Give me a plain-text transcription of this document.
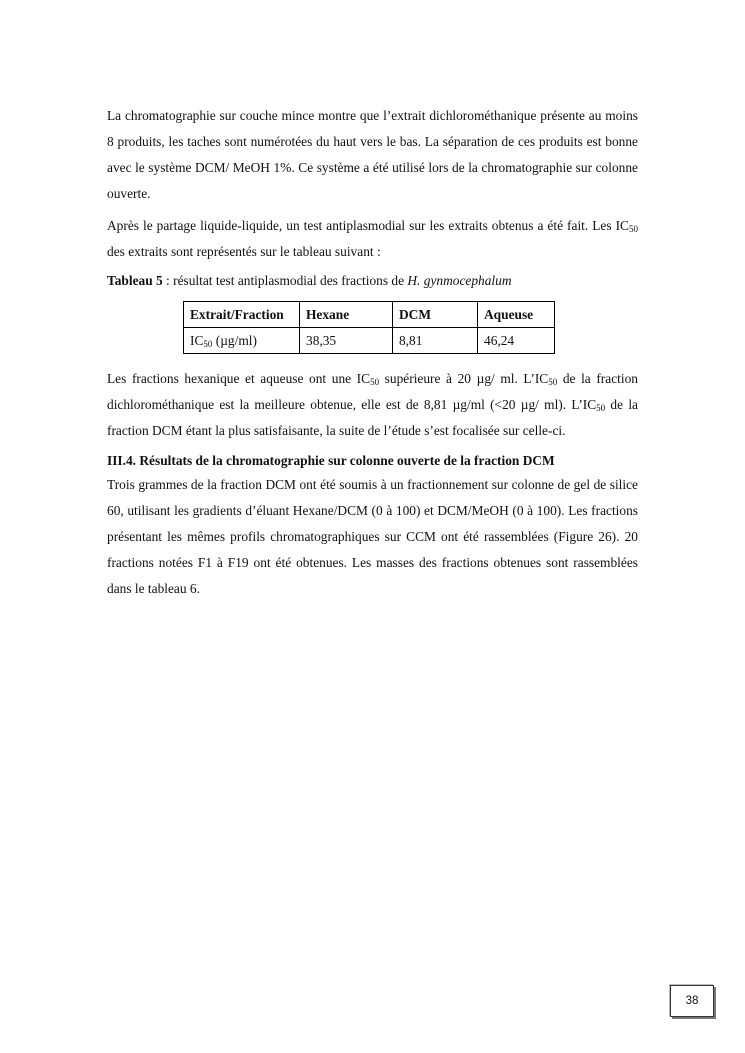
La chromatographie sur couche mince montre que l’extrait dichlorométhanique présente au moins 8 produits, les taches sont numérotées du haut vers le bas. La séparation de ces produits est bonne avec le système DCM/ MeOH 1%. Ce système a été utilisé lors de la chromatographie sur colonne ouverte.

Après le partage liquide-liquide, un test antiplasmodial sur les extraits obtenus a été fait. Les $IC_{50}$ des extraits sont représentés sur le tableau suivant :

Tableau 5 : résultat test antiplasmodial des fractions de H. gynmocephalum

Extrait/Fraction	Hexane	DCM	Aqueuse
$IC_{50}$ (µg/ml)	38,35	8,81	46,24

Les fractions hexanique et aqueuse ont une $IC_{50}$ supérieure à 20 µg/ ml. $L’IC_{50}$ de la fraction dichlorométhanique est la meilleure obtenue, elle est de 8,81 µg/ml (<20 µg/ ml). $L’IC_{50}$ de la fraction DCM étant la plus satisfaisante, la suite de l’étude s’est focalisée sur celle-ci.

III.4. Résultats de la chromatographie sur colonne ouverte de la fraction DCM

Trois grammes de la fraction DCM ont été soumis à un fractionnement sur colonne de gel de silice 60, utilisant les gradients d’éluant Hexane/DCM (0 à 100) et DCM/MeOH (0 à 100). Les fractions présentant les mêmes profils chromatographiques sur CCM ont été rassemblées (Figure 26). 20 fractions notées F1 à F19 ont été obtenues. Les masses des fractions obtenues sont rassemblées dans le tableau 6.

38
